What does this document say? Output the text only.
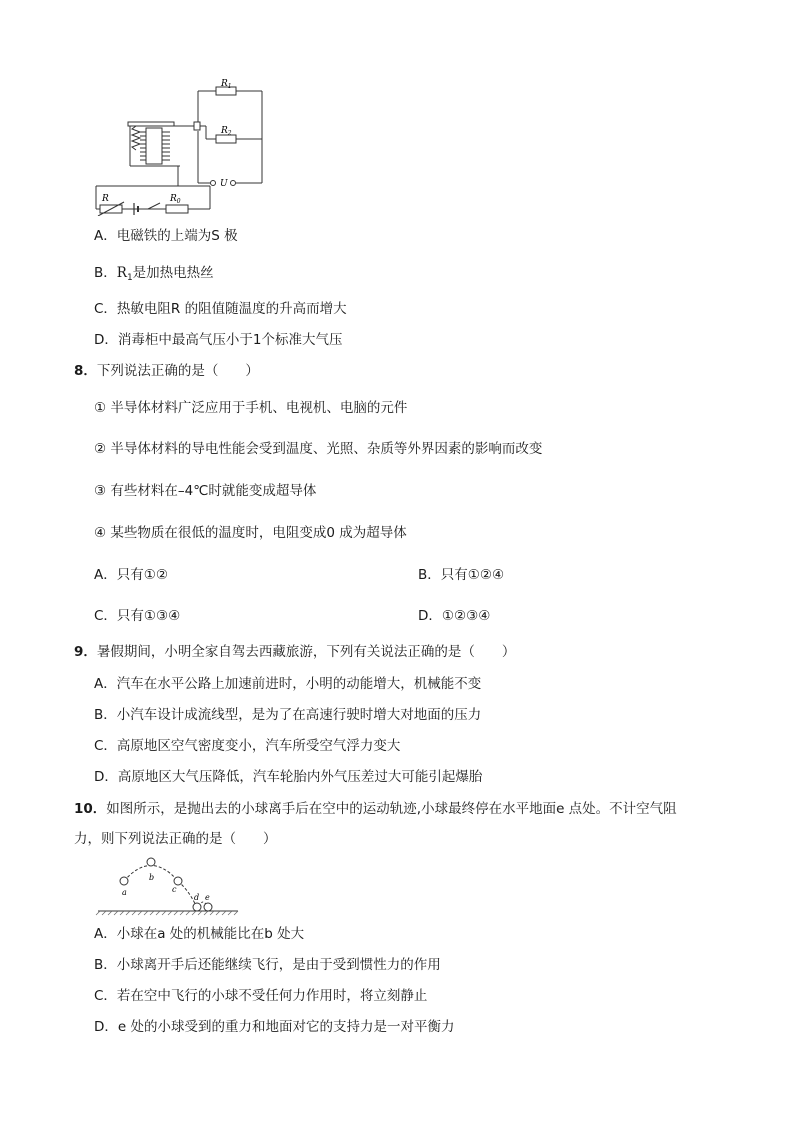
$R_1$
$R_2$
U
R	$R_0$
A．电磁铁的上端为S 极
B．$R_1$是加热电热丝
C．热敏电阻R 的阻值随温度的升高而增大
D．消毒柜中最高气压小于1个标准大气压
8．下列说法正确的是（　　）
① 半导体材料广泛应用于手机、电视机、电脑的元件
② 半导体材料的导电性能会受到温度、光照、杂质等外界因素的影响而改变
③ 有些材料在–4℃时就能变成超导体
④ 某些物质在很低的温度时，电阻变成0 成为超导体
A．只有①②	B．只有①②④
C．只有①③④	D．①②③④
9．暑假期间，小明全家自驾去西藏旅游，下列有关说法正确的是（　　）
A．汽车在水平公路上加速前进时，小明的动能增大，机械能不变
B．小汽车设计成流线型，是为了在高速行驶时增大对地面的压力
C．高原地区空气密度变小，汽车所受空气浮力变大
D．高原地区大气压降低，汽车轮胎内外气压差过大可能引起爆胎
10．如图所示，是抛出去的小球离手后在空中的运动轨迹,小球最终停在水平地面e 点处。不计空气阻
力，则下列说法正确的是（　　）
a
b
c
d e
A．小球在a 处的机械能比在b 处大
B．小球离开手后还能继续飞行，是由于受到惯性力的作用
C．若在空中飞行的小球不受任何力作用时，将立刻静止
D．e 处的小球受到的重力和地面对它的支持力是一对平衡力
